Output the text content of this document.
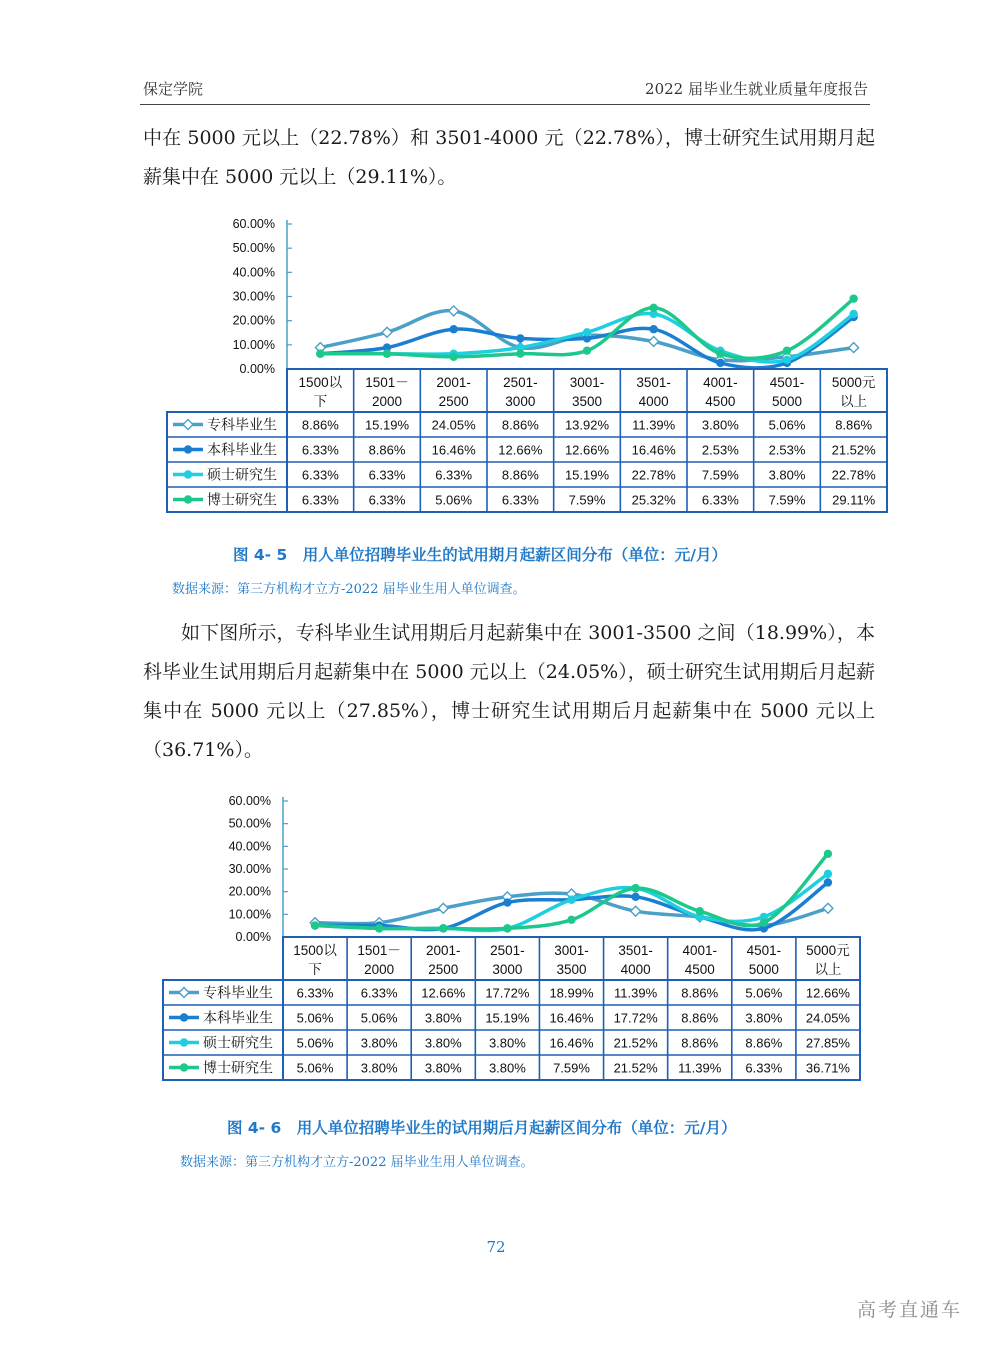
保定学院	2022 届毕业生就业质量年度报告

中在 5000 元以上（22.78%）和 3501-4000 元（22.78%），博士研究生试用期月起薪集中在 5000 元以上（29.11%）。

0.00%
10.00%
20.00%
30.00%
40.00%
50.00%
60.00%
1500以下
1501－ 2000
2001-2500
2501-3000
3001-3500
3501-4000
4001-4500
4501-5000
5000元以上
专科毕业生 8.86% 15.19% 24.05% 8.86% 13.92% 11.39% 3.80% 5.06% 8.86%
本科毕业生 6.33% 8.86% 16.46% 12.66% 12.66% 16.46% 2.53% 2.53% 21.52%
硕士研究生 6.33% 6.33% 6.33% 8.86% 15.19% 22.78% 7.59% 3.80% 22.78%
博士研究生 6.33% 6.33% 5.06% 6.33% 7.59% 25.32% 6.33% 7.59% 29.11%
图 4- 5　用人单位招聘毕业生的试用期月起薪区间分布（单位：元/月）
数据来源：第三方机构才立方-2022 届毕业生用人单位调查。

如下图所示，专科毕业生试用期后月起薪集中在 3001-3500 之间（18.99%），本科毕业生试用期后月起薪集中在 5000 元以上（24.05%），硕士研究生试用期后月起薪集中在 5000 元以上（27.85%），博士研究生试用期后月起薪集中在 5000 元以上（36.71%）。

0.00%
10.00%
20.00%
30.00%
40.00%
50.00%
60.00%
1500以下
1501－ 2000
2001-2500
2501-3000
3001-3500
3501-4000
4001-4500
4501-5000
5000元以上
专科毕业生 6.33% 6.33% 12.66% 17.72% 18.99% 11.39% 8.86% 5.06% 12.66%
本科毕业生 5.06% 5.06% 3.80% 15.19% 16.46% 17.72% 8.86% 3.80% 24.05%
硕士研究生 5.06% 3.80% 3.80% 3.80% 16.46% 21.52% 8.86% 8.86% 27.85%
博士研究生 5.06% 3.80% 3.80% 3.80% 7.59% 21.52% 11.39% 6.33% 36.71%
图 4- 6　用人单位招聘毕业生的试用期后月起薪区间分布（单位：元/月）
数据来源：第三方机构才立方-2022 届毕业生用人单位调查。
72
高考直通车
